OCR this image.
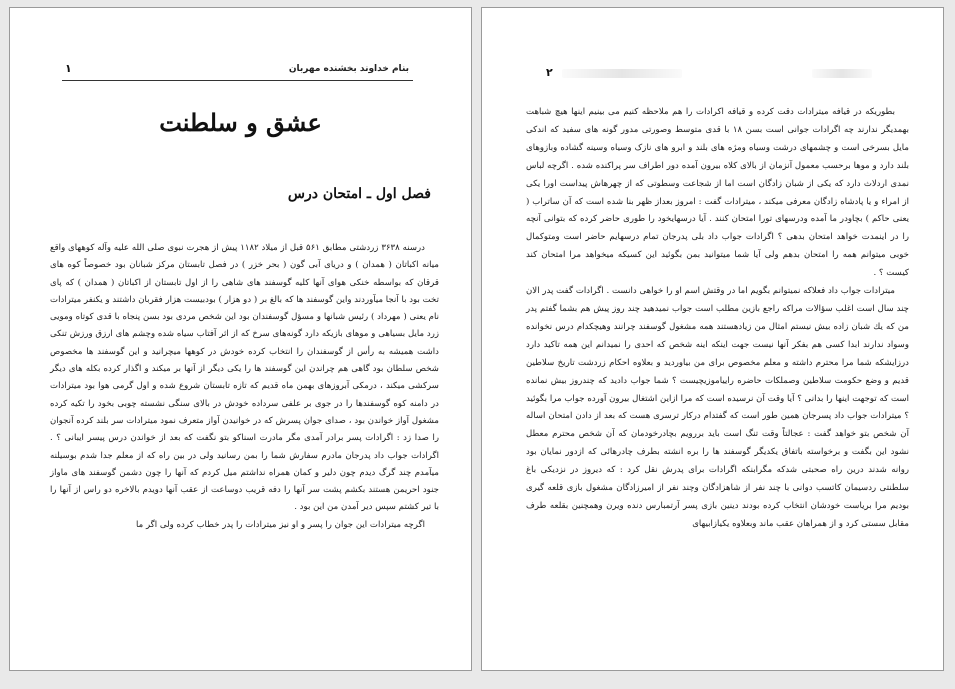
۱	بنام خداوند بخشنده مهربان
عشق و سلطنت
فصل اول ـ امتحان درس

درسنه ۳۶۳۸ زردشتی مطابق ۵۶۱ قبل از میلاد ۱۱۸۲ پیش از هجرت نبوی صلی الله علیه وآله کوههای واقع میانه اکباتان ( همدان ) و دریای آبی گون ( بحر خزر ) در فصل تابستان مرکز شبانان بود خصوصاً کوه های قرقان که بواسطه خنکی هوای آنها کلیه گوسفند های شاهی را از اول تابستان از اکباتان ( همدان ) که پای تخت بود با آنجا میآوردند واین گوسفند ها که بالغ بر ( دو هزار ) بودبیست هزار فقربان داشتند و یکنفر میترادات نام یعنی ( مهرداد ) رئیس شبانها و مسؤل گوسفندان بود این شخص مردی بود بسن پنجاه با قدی کوتاه ومویی زرد مایل بسیاهی و موهای بازیکه دارد گونه‌های سرخ که از اثر آفتاب سیاه شده وچشم های ارزق ورزش تنکی داشت همیشه به رأس از گوسفندان را انتخاب کرده خودش در کوهها میچرانید و این گوسفند ها مخصوص شخص سلطان بود گاهی هم چراندن این گوسفند ها را یکی دیگر از آنها بر میکند و اگذار کرده بکله های دیگر سرکشی میکند ، درمکی آبروزهای بهمن ماه قدیم که تازه تابستان شروع شده و اول گرمی هوا بود میترادات در دامنه کوه گوسفندها را در جوی بر علفی سرداده خودش در بالای سنگی نشسته چوبی بخود را تکیه کرده مشغول آواز خواندن بود ، صدای جوان پسرش که در خوانیدن آواز متعرف نمود میترادات سر بلند کرده آنجوان را صدا زد : اگرادات پسر برادر آمدی مگر مادرت اسناکو بتو نگفت که بعد از خواندن درس پیسر ایبانی ؟ . اگرادات جواب داد پدرجان مادرم سفارش شما را بمن رسانید ولی در بین راه که از معلم جدا شدم بوسیلنه میآمدم چند گرگ دیدم چون دلیر و کمان همراه نداشتم میل کردم که آنها را چون دشمن گوسفند های ماواز جنود احریمن هستند بکشم پشت سر آنها را دفه قریب دوساعت از عقب آنها دویدم بالاخره دو راس از آنها را با تیر کشتم سپس دیر آمدن من این بود .

اگرچه میترادات این جوان را پسر و او نیز میترادات را پدر خطاب کرده ولی اگر ما

۲

بطوریکه در قیافه میترادات دقت کرده و قیافه اکرادات را هم ملاحظه کنیم می بینیم اینها هیچ شباهت بهمدیگر ندارند چه اگرادات جوانی است بسن ۱۸ با قدی متوسط وصورتی مدور گونه های سفید که اندکی مایل بسرخی است و چشمهای درشت وسیاه ومژه های بلند و ابرو های نازک وسیاه وسینه گشاده وبازوهای بلند دارد و موها برحسب معمول آنزمان از بالای کلاه بیرون آمده دور اطراف سر پراکنده شده . اگرچه لباس نمدی اردلاث دارد که یکی از شبان زادگان است اما از شجاعت وسطوتی که از چهرهاش پیداست اورا یکی از امراء و یا پادشاه زادگان معرفی میکند ، میترادات گفت : امروز بعداز ظهر بنا شده است که آن ساتراب ( یعنی حاکم ) بچاودر ما آمده ودرسهای تورا امتحان کنند . آیا درسهایخود را طوری حاضر کرده که بتوانی آنچه را در اینمدت خواهد امتحان بدهی ؟ اگرادات جواب داد بلی پدرجان تمام درسهایم حاضر است ومتوکمال خوبی میتوانم همه را امتحان بدهم ولی آیا شما میتوانید بمن بگوئید این کسیکه میخواهد مرا امتحان کند کیست ؟ .

میترادات جواب داد فعلاکه نمیتوانم بگویم اما در وقتش اسم او را خواهی دانست . اگرادات گفت پدر الان چند سال است اغلب سؤالات مراکه راجع بازین مطلب است جواب نمیدهید چند روز پیش هم بشما گفتم پدر من که یك شبان زاده بیش نیستم امثال من زیادهستند همه مشغول گوسفند چرانند وهیچکدام درس نخوانده وسواد ندارند ابدا کسی هم بفکر آنها نیست جهت اینکه اینه شخص که احدی را نمیدانم این همه تاکید دارد درزایشکه شما مرا محترم داشته و معلم مخصوص برای من بیاوردید و بعلاوه احکام زردشت تاریخ سلاطین قدیم و وضع حکومت سلاطین وصملکات حاضره راییاموزیچیست ؟ شما جواب دادید که چندروز بیش نمانده است که توجهت اینها را بدانی ؟ آیا وقت آن نرسیده است که مرا ازاین اشتغال بیرون آورده جواب مرا بگوئید ؟ میترادات جواب داد پسرجان همین طور است که گفتدام درکار ترسری هست که بعد از دادن امتحان اساله آن شخص بتو خواهد گفت : عجالتاً وقت تنگ است باید بررویم بچادرخودمان که آن شخص محترم معطل نشود این بگفت و برخواسته باتفاق یکدیگر گوسفند ها را بره انشته بطرف چادرهائی که ازدور نمایان بود روانه شدند درین راه صحبتی شدکه مگرابنکه اگرادات برای پدرش نقل کرد : که دیروز در نزدیکی باغ سلطنتی ردسیمان کاتسب دوانی با چند نفر از شاهزادگان وچند نفر از امیرزادگان مشغول بازی قلعه گیری بودیم مرا بریاست خودشان انتخاب کرده بودند دینین بازی پسر آرتمبارس دنده ویرن وهمچنین بقلعه طرف مقابل سستی کرد و از همراهان عقب ماند وبعلاوه یکیازابیهای
